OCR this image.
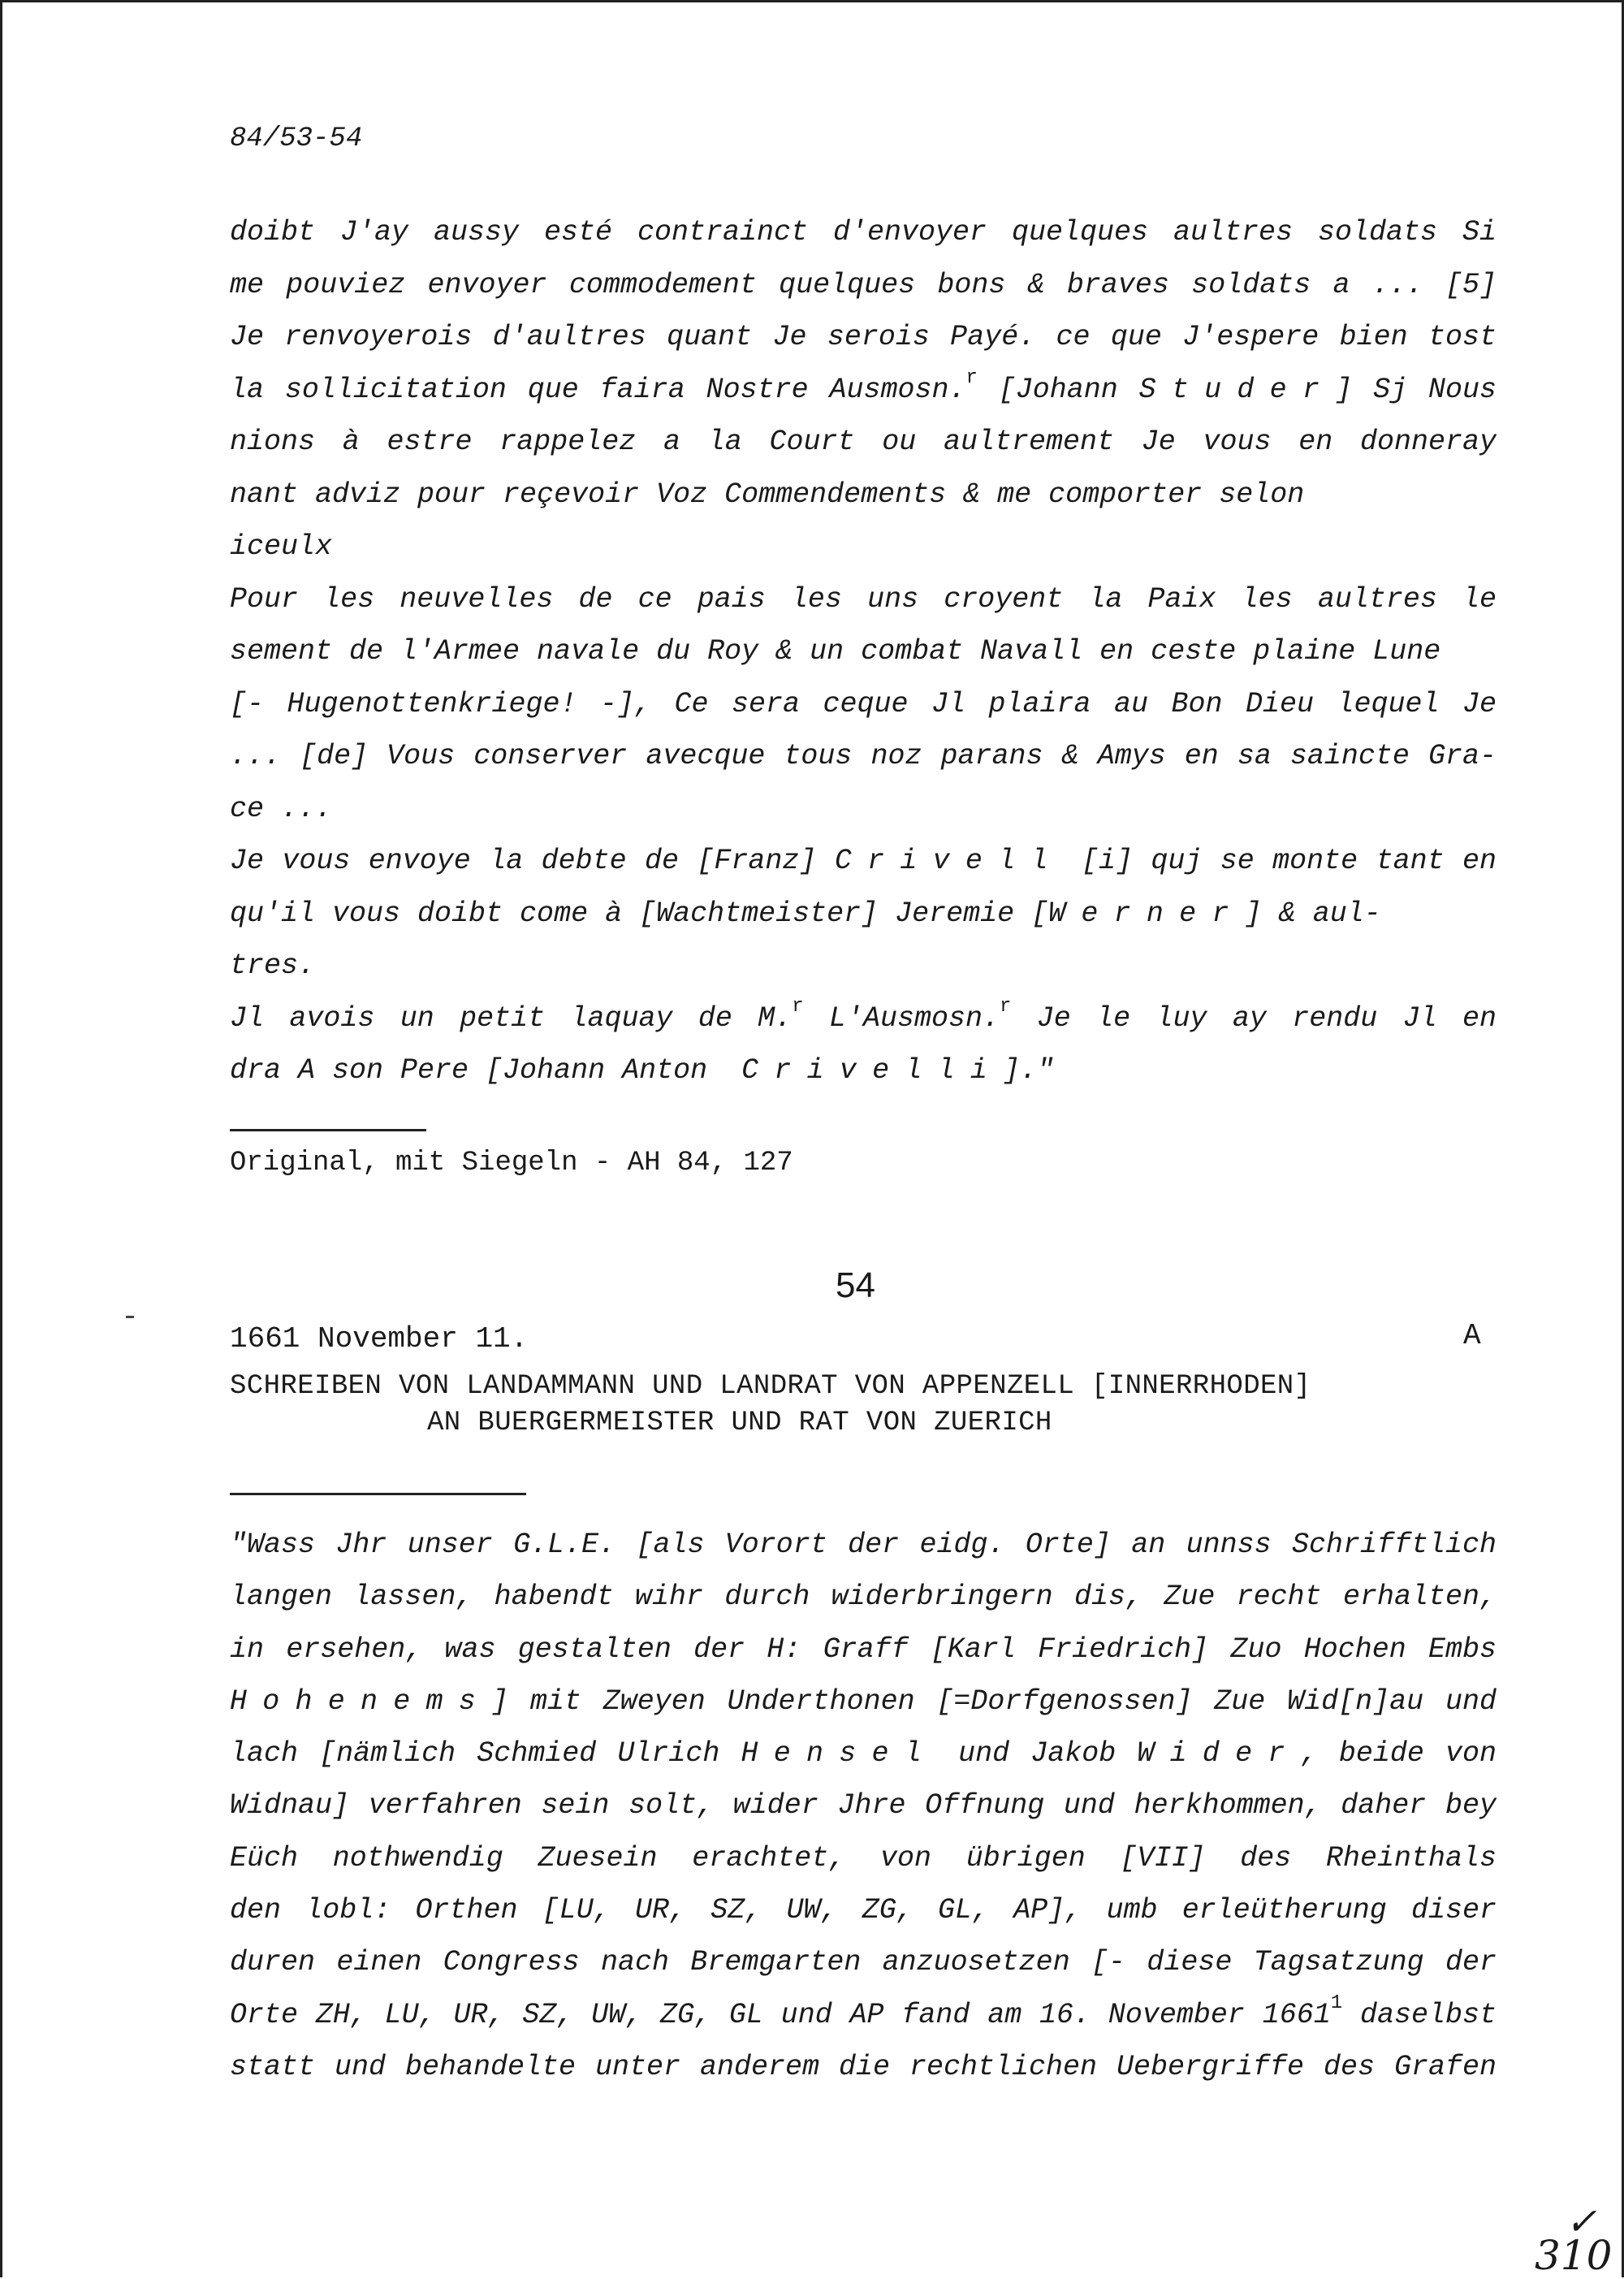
84/53-54
doibt J'ay aussy esté contrainct d'envoyer quelques aultres soldats Si
me pouviez envoyer commodement quelques bons & braves soldats a ... [5]
Je renvoyerois d'aultres quant Je serois Payé. ce que J'espere bien tost
la sollicitation que faira Nostre Ausmosn.$^r$ [Johann Studer] Sj Nous
nions à estre rappelez a la Court ou aultrement Je vous en donneray
nant adviz pour reçevoir Voz Commendements & me comporter selon
iceulx
Pour les neuvelles de ce pais les uns croyent la Paix les aultres le
sement de l'Armee navale du Roy & un combat Navall en ceste plaine Lune
[- Hugenottenkriege! -], Ce sera ceque Jl plaira au Bon Dieu lequel Je
... [de] Vous conserver avecque tous noz parans & Amys en sa saincte Gra-
ce ...
Je vous envoye la debte de [Franz] Crivell [i] quj se monte tant en
qu'il vous doibt come à [Wachtmeister] Jeremie [Werner] & aul-
tres.
Jl avois un petit laquay de M.$^r$ L'Ausmosn.$^r$ Je le luy ay rendu Jl en
dra A son Pere [Johann Anton Crivelli]."
Original, mit Siegeln - AH 84, 127
54
1661 November 11.	A
SCHREIBEN VON LANDAMMANN UND LANDRAT VON APPENZELL [INNERRHODEN]
AN BUERGERMEISTER UND RAT VON ZUERICH
"Wass Jhr unser G.L.E. [als Vorort der eidg. Orte] an unnss Schrifftlich
langen lassen, habendt wihr durch widerbringern dis, Zue recht erhalten,
in ersehen, was gestalten der H: Graff [Karl Friedrich] Zuo Hochen Embs
Hohenems] mit Zweyen Underthonen [=Dorfgenossen] Zue Wid[n]au und
lach [nämlich Schmied Ulrich Hensel und Jakob Wider, beide von
Widnau] verfahren sein solt, wider Jhre Offnung und herkhommen, daher bey
Eüch nothwendig Zuesein erachtet, von übrigen [VII] des Rheinthals
den lobl: Orthen [LU, UR, SZ, UW, ZG, GL, AP], umb erleütherung diser
duren einen Congress nach Bremgarten anzuosetzen [- diese Tagsatzung der
Orte ZH, LU, UR, SZ, UW, ZG, GL und AP fand am 16. November 1661$^1$ daselbst
statt und behandelte unter anderem die rechtlichen Uebergriffe des Grafen
✓
310
